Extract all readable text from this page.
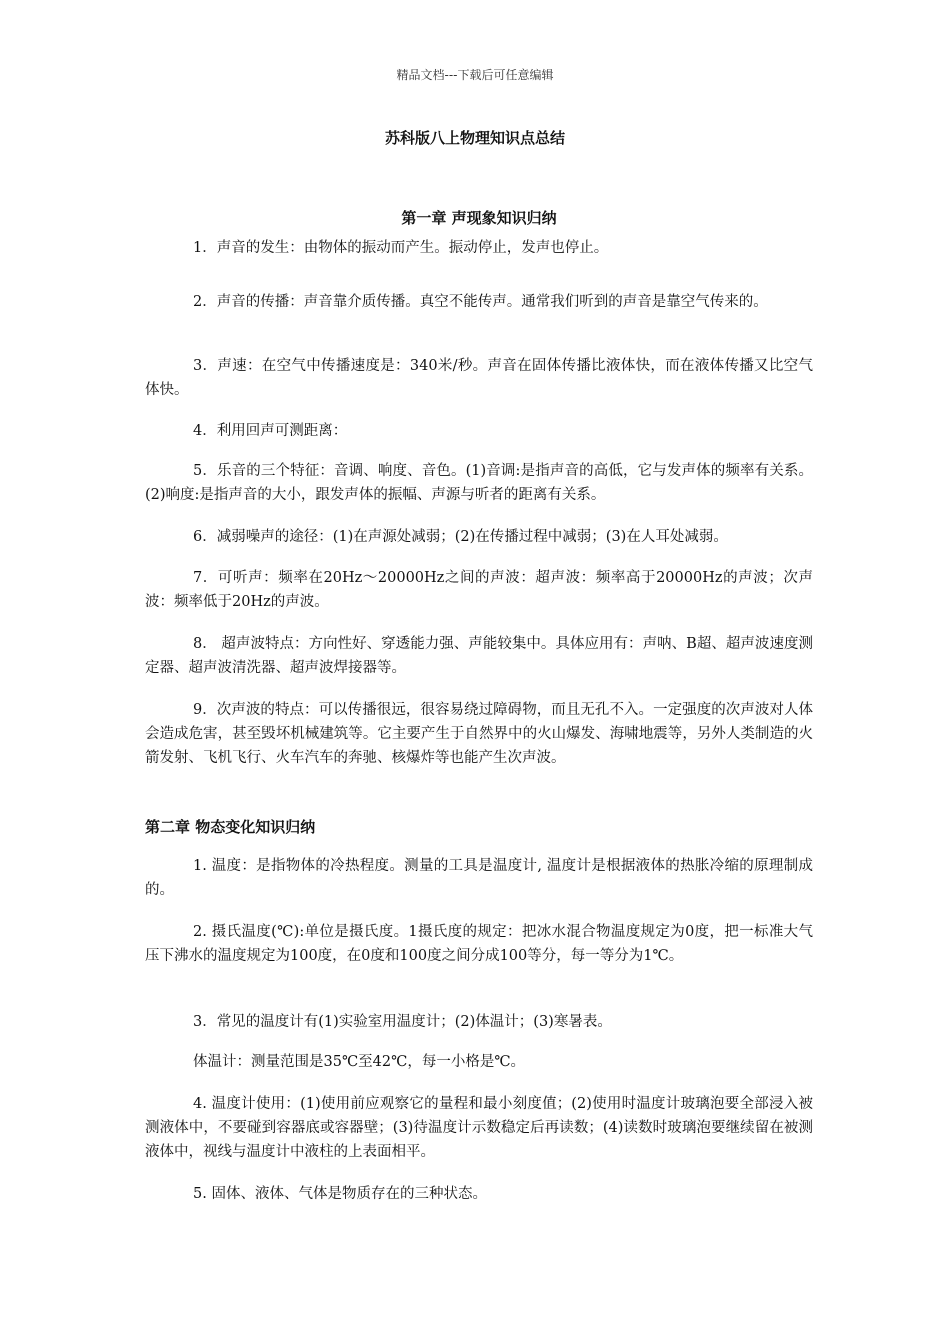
精品文档---下载后可任意编辑
苏科版八上物理知识点总结
第一章 声现象知识归纳

1．声音的发生：由物体的振动而产生。振动停止，发声也停止。

2．声音的传播：声音靠介质传播。真空不能传声。通常我们听到的声音是靠空气传来的。

3．声速：在空气中传播速度是：340米/秒。声音在固体传播比液体快，而在液体传播又比空气体快。

4．利用回声可测距离：

5．乐音的三个特征：音调、响度、音色。(1)音调:是指声音的高低，它与发声体的频率有关系。(2)响度:是指声音的大小，跟发声体的振幅、声源与听者的距离有关系。

6．减弱噪声的途径：(1)在声源处减弱；(2)在传播过程中减弱；(3)在人耳处减弱。

7．可听声：频率在20Hz～20000Hz之间的声波：超声波：频率高于20000Hz的声波；次声波：频率低于20Hz的声波。

8． 超声波特点：方向性好、穿透能力强、声能较集中。具体应用有：声呐、B超、超声波速度测定器、超声波清洗器、超声波焊接器等。

9．次声波的特点：可以传播很远，很容易绕过障碍物，而且无孔不入。一定强度的次声波对人体会造成危害，甚至毁坏机械建筑等。它主要产生于自然界中的火山爆发、海啸地震等，另外人类制造的火箭发射、飞机飞行、火车汽车的奔驰、核爆炸等也能产生次声波。

第二章 物态变化知识归纳

1. 温度：是指物体的冷热程度。测量的工具是温度计, 温度计是根据液体的热胀冷缩的原理制成的。

2. 摄氏温度(℃):单位是摄氏度。1摄氏度的规定：把冰水混合物温度规定为0度，把一标准大气压下沸水的温度规定为100度，在0度和100度之间分成100等分，每一等分为1℃。

3．常见的温度计有(1)实验室用温度计；(2)体温计；(3)寒暑表。

体温计：测量范围是35℃至42℃，每一小格是℃。

4. 温度计使用：(1)使用前应观察它的量程和最小刻度值；(2)使用时温度计玻璃泡要全部浸入被测液体中，不要碰到容器底或容器壁；(3)待温度计示数稳定后再读数；(4)读数时玻璃泡要继续留在被测液体中，视线与温度计中液柱的上表面相平。

5. 固体、液体、气体是物质存在的三种状态。
